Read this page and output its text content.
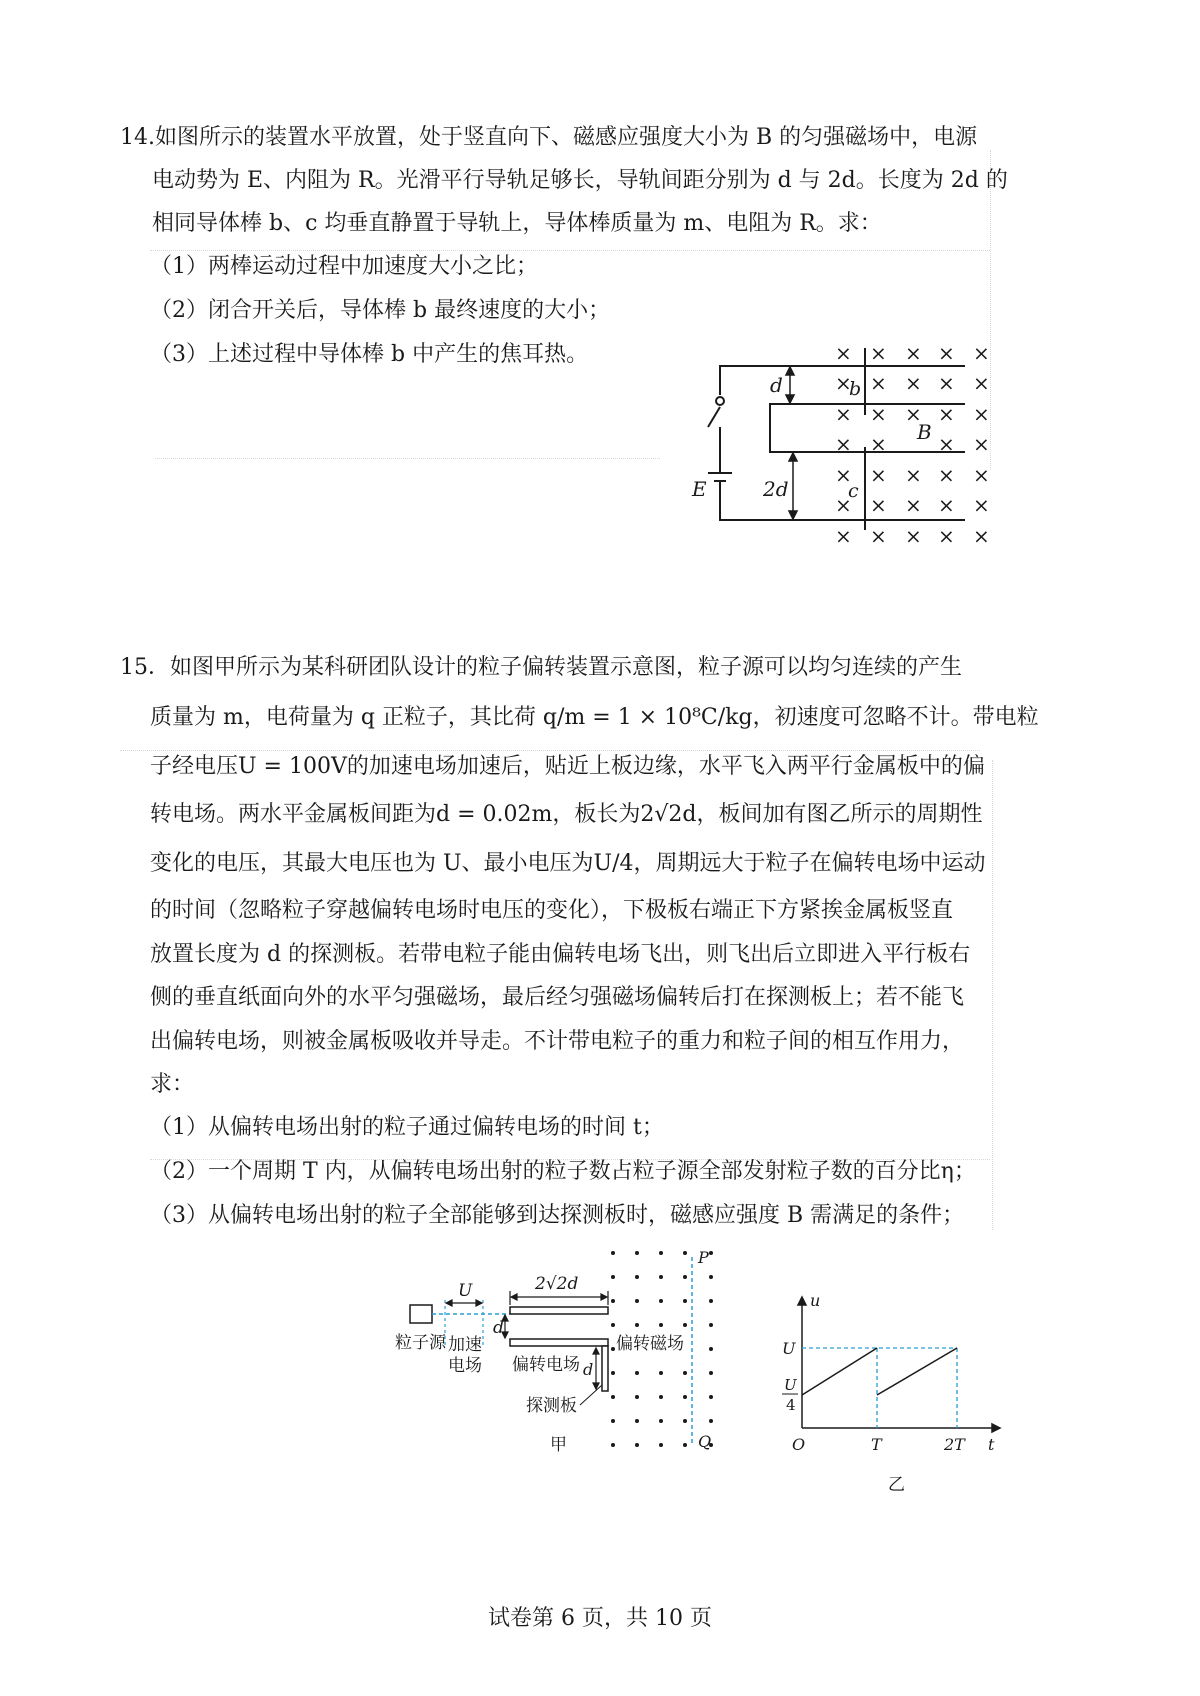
14.如图所示的装置水平放置，处于竖直向下、磁感应强度大小为 B 的匀强磁场中，电源
电动势为 E、内阻为 R。光滑平行导轨足够长，导轨间距分别为 d 与 2d。长度为 2d 的
相同导体棒 b、c 均垂直静置于导轨上，导体棒质量为 m、电阻为 R。求：
（1）两棒运动过程中加速度大小之比；
（2）闭合开关后，导体棒 b 最终速度的大小；
（3）上述过程中导体棒 b 中产生的焦耳热。
d
2d
E
b
c
B
× × × × ×
× × × ×
× × × × ×
× ×	× ×
× × × ×
× × × × ×
× × × × ×
×
×
15．如图甲所示为某科研团队设计的粒子偏转装置示意图，粒子源可以均匀连续的产生
质量为 m，电荷量为 q 正粒子，其比荷 q/m = 1 × 10⁸C/kg，初速度可忽略不计。带电粒
子经电压U = 100V的加速电场加速后，贴近上板边缘，水平飞入两平行金属板中的偏
转电场。两水平金属板间距为d = 0.02m，板长为2√2d，板间加有图乙所示的周期性
变化的电压，其最大电压也为 U、最小电压为U/4，周期远大于粒子在偏转电场中运动
的时间（忽略粒子穿越偏转电场时电压的变化），下极板右端正下方紧挨金属板竖直
放置长度为 d 的探测板。若带电粒子能由偏转电场飞出，则飞出后立即进入平行板右
侧的垂直纸面向外的水平匀强磁场，最后经匀强磁场偏转后打在探测板上；若不能飞
出偏转电场，则被金属板吸收并导走。不计带电粒子的重力和粒子间的相互作用力，
求：
（1）从偏转电场出射的粒子通过偏转电场的时间 t；
（2）一个周期 T 内，从偏转电场出射的粒子数占粒子源全部发射粒子数的百分比η；
（3）从偏转电场出射的粒子全部能够到达探测板时，磁感应强度 B 需满足的条件；
粒子源 加速
电场
U	2√2d
d
偏转电场
偏转磁场
d
探测板
P
Q
甲
u
t
O	T	2T
U
U
4
乙
试卷第 6 页，共 10 页
